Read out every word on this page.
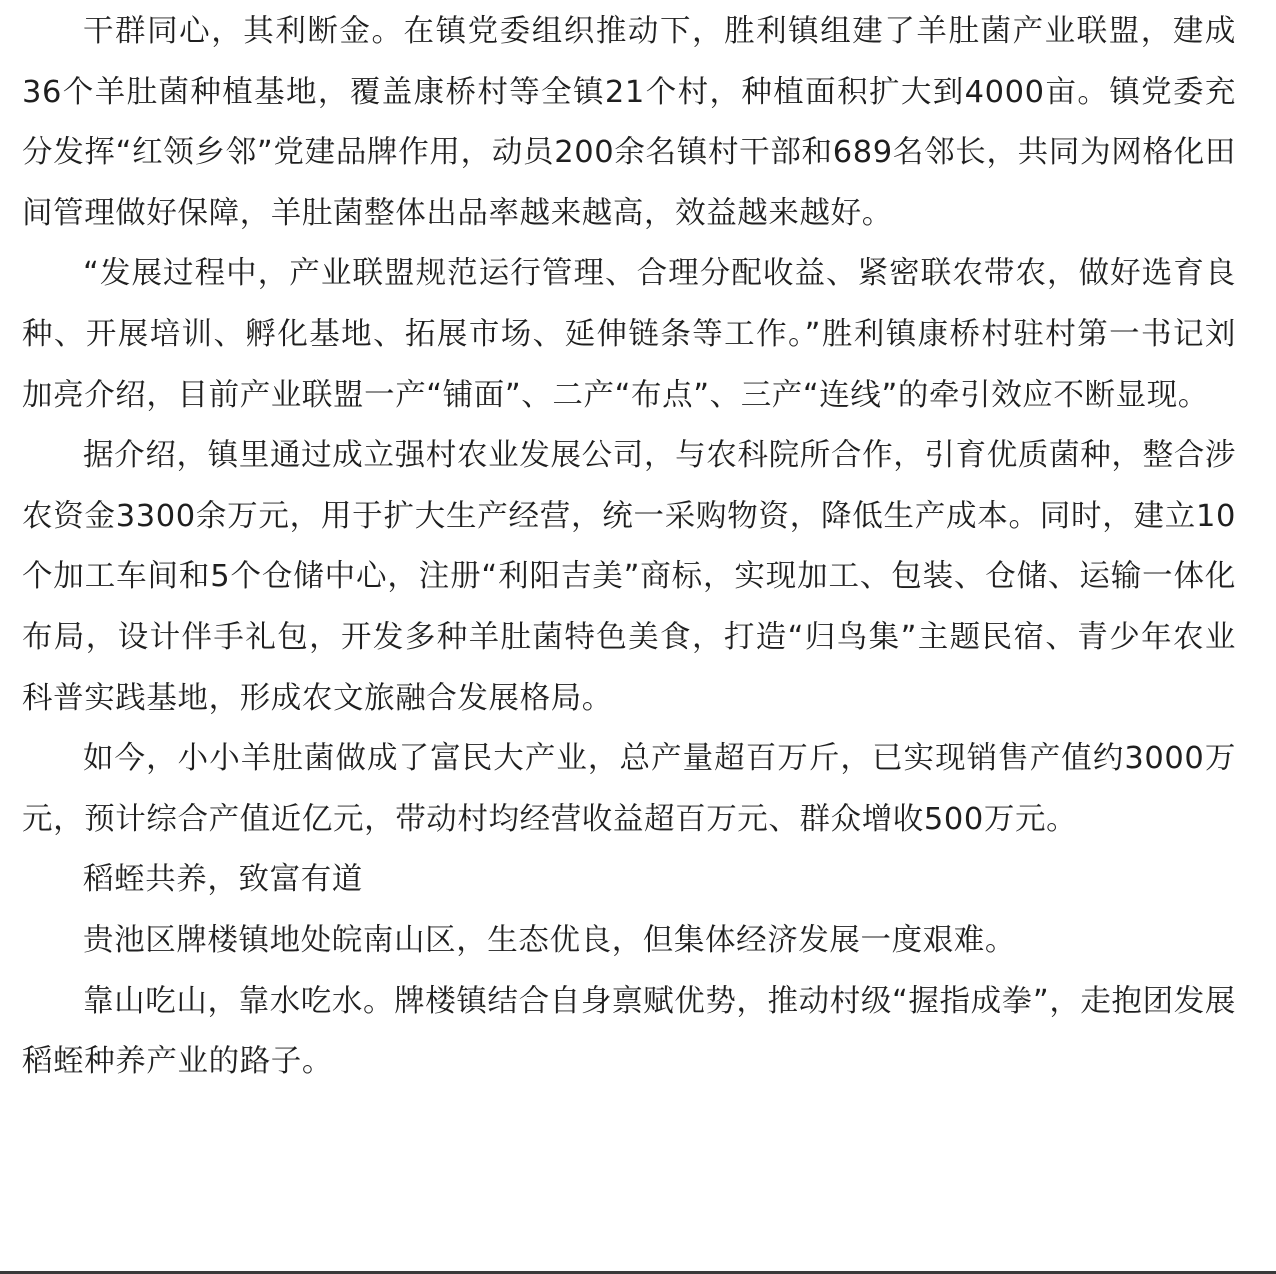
干群同心，其利断金。在镇党委组织推动下，胜利镇组建了羊肚菌产业联盟，建成36个羊肚菌种植基地，覆盖康桥村等全镇21个村，种植面积扩大到4000亩。镇党委充分发挥“红领乡邻”党建品牌作用，动员200余名镇村干部和689名邻长，共同为网格化田间管理做好保障，羊肚菌整体出品率越来越高，效益越来越好。

“发展过程中，产业联盟规范运行管理、合理分配收益、紧密联农带农，做好选育良种、开展培训、孵化基地、拓展市场、延伸链条等工作。”胜利镇康桥村驻村第一书记刘加亮介绍，目前产业联盟一产“铺面”、二产“布点”、三产“连线”的牵引效应不断显现。

据介绍，镇里通过成立强村农业发展公司，与农科院所合作，引育优质菌种，整合涉农资金3300余万元，用于扩大生产经营，统一采购物资，降低生产成本。同时，建立10个加工车间和5个仓储中心，注册“利阳吉美”商标，实现加工、包装、仓储、运输一体化布局，设计伴手礼包，开发多种羊肚菌特色美食，打造“归鸟集”主题民宿、青少年农业科普实践基地，形成农文旅融合发展格局。

如今，小小羊肚菌做成了富民大产业，总产量超百万斤，已实现销售产值约3000万元，预计综合产值近亿元，带动村均经营收益超百万元、群众增收500万元。

稻蛭共养，致富有道

贵池区牌楼镇地处皖南山区，生态优良，但集体经济发展一度艰难。

靠山吃山，靠水吃水。牌楼镇结合自身禀赋优势，推动村级“握指成拳”，走抱团发展稻蛭种养产业的路子。
